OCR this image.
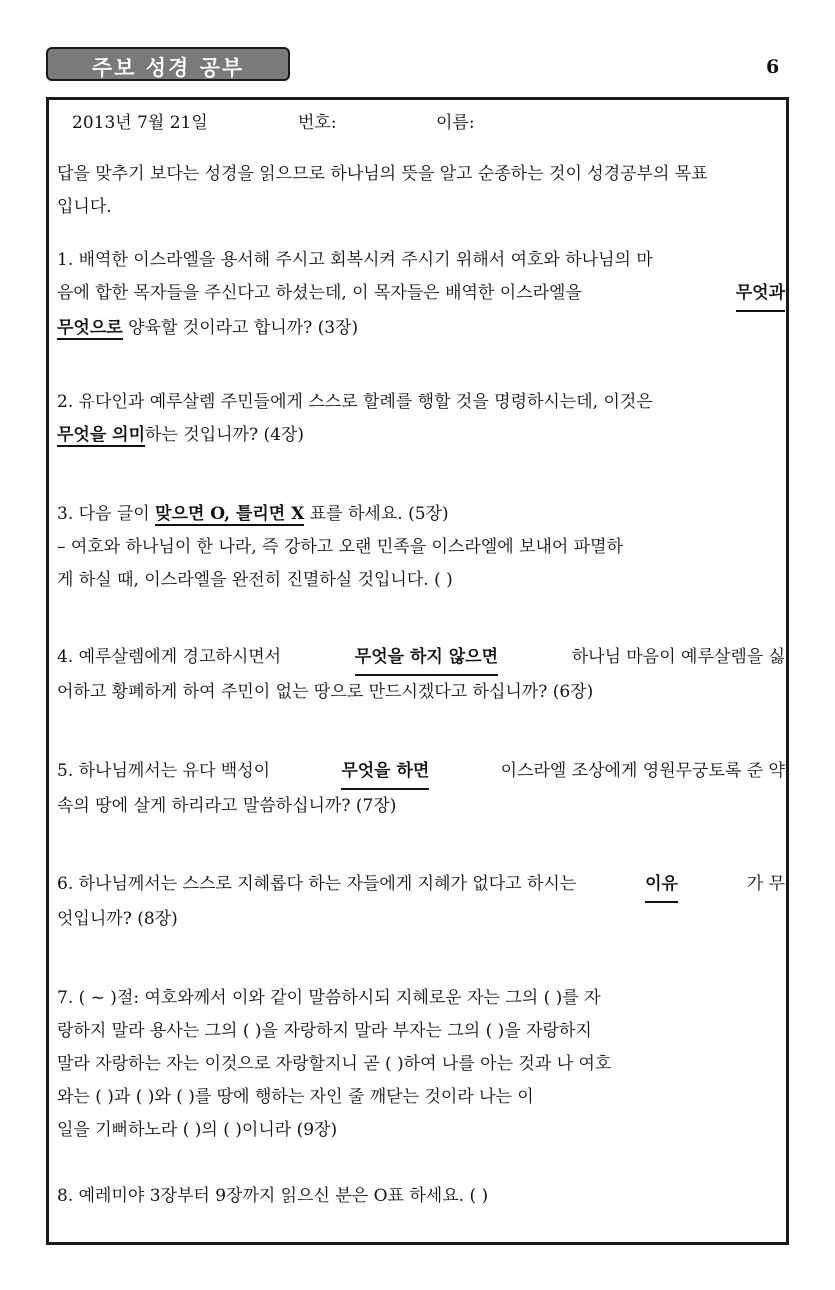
주보 성경 공부	6
2013년 7월 21일	번호:	이름:
답을 맞추기 보다는 성경을 읽으므로 하나님의 뜻을 알고 순종하는 것이 성경공부의 목표
입니다.
1. 배역한 이스라엘을 용서해 주시고 회복시켜 주시기 위해서 여호와 하나님의 마
음에 합한 목자들을 주신다고 하셨는데, 이 목자들은 배역한 이스라엘을	무엇과
무엇으로 양육할 것이라고 합니까? (3장)
2. 유다인과 예루살렘 주민들에게 스스로 할례를 행할 것을 명령하시는데, 이것은
무엇을 의미하는 것입니까? (4장)
3. 다음 글이 맞으면 O, 틀리면 X 표를 하세요. (5장)
– 여호와 하나님이 한 나라, 즉 강하고 오랜 민족을 이스라엘에 보내어 파멸하
게 하실 때, 이스라엘을 완전히 진멸하실 것입니다. ( )
4. 예루살렘에게 경고하시면서	무엇을 하지 않으면	하나님 마음이 예루살렘을 싫
어하고 황폐하게 하여 주민이 없는 땅으로 만드시겠다고 하십니까? (6장)
5. 하나님께서는 유다 백성이	무엇을 하면	이스라엘 조상에게 영원무궁토록 준 약
속의 땅에 살게 하리라고 말씀하십니까? (7장)
6. 하나님께서는 스스로 지혜롭다 하는 자들에게 지혜가 없다고 하시는	이유	가 무
엇입니까? (8장)
7. ( ~ )절: 여호와께서 이와 같이 말씀하시되 지혜로운 자는 그의 ( )를 자
랑하지 말라 용사는 그의 ( )을 자랑하지 말라 부자는 그의 ( )을 자랑하지
말라 자랑하는 자는 이것으로 자랑할지니 곧 ( )하여 나를 아는 것과 나 여호
와는 ( )과 ( )와 ( )를 땅에 행하는 자인 줄 깨닫는 것이라 나는 이
일을 기뻐하노라 ( )의 ( )이니라 (9장)
8. 예레미야 3장부터 9장까지 읽으신 분은 O표 하세요. ( )
